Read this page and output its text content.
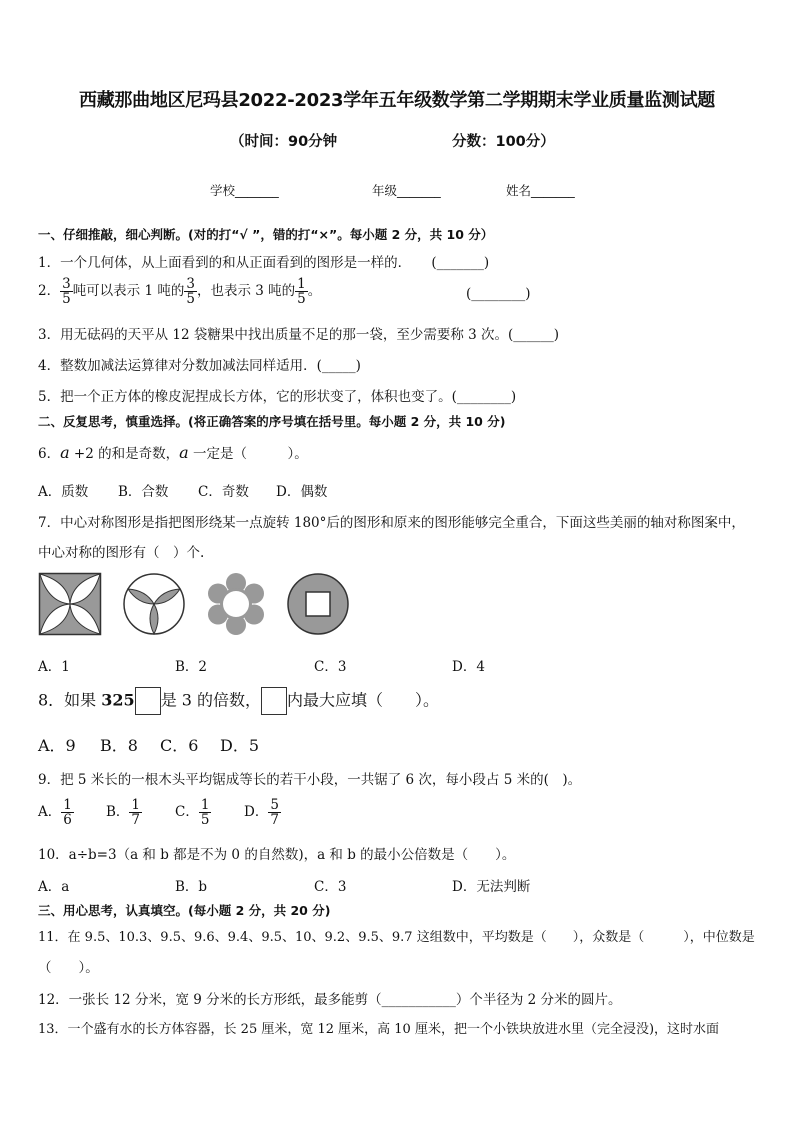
西藏那曲地区尼玛县2022-2023学年五年级数学第二学期期末学业质量监测试题
（时间：90分钟	分数：100分）
学校_______	年级_______	姓名_______
一、仔细推敲，细心判断。(对的打“√ ”，错的打“×”。每小题 2 分，共 10 分）
1．一个几何体，从上面看到的和从正面看到的图形是一样的．　　(_______)
2． $\frac{3}{5}$ 吨可以表示 1 吨的 $\frac{3}{5}$ ，也表示 3 吨的 $\frac{1}{5}$ 。	(________)
3．用无砝码的天平从 12 袋糖果中找出质量不足的那一袋，至少需要称 3 次。(______)
4．整数加减法运算律对分数加减法同样适用．(_____)
5．把一个正方体的橡皮泥捏成长方体，它的形状变了，体积也变了。(________)
二、反复思考，慎重选择。(将正确答案的序号填在括号里。每小题 2 分，共 10 分)
6．a +2 的和是奇数，a 一定是（　　　）。
A．质数 B．合数 C．奇数 D．偶数
7．中心对称图形是指把图形绕某一点旋转 180°后的图形和原来的图形能够完全重合，下面这些美丽的轴对称图案中，
中心对称的图形有（　）个.
A．1	B．2	C．3	D．4
8．如果 325 是 3 的倍数， 内最大应填（　　）。
A．9 B．8 C．6 D．5
9．把 5 米长的一根木头平均锯成等长的若干小段，一共锯了 6 次，每小段占 5 米的(　)。
A． $\frac{1}{6}$ B． $\frac{1}{7}$ C． $\frac{1}{5}$ D． $\frac{5}{7}$
10．a÷b=3（a 和 b 都是不为 0 的自然数)，a 和 b 的最小公倍数是（　　）。
A．a	B．b	C．3	D．无法判断
三、用心思考，认真填空。(每小题 2 分，共 20 分)
11．在 9.5、10.3、9.5、9.6、9.4、9.5、10、9.2、9.5、9.7 这组数中，平均数是（　　），众数是（　　　），中位数是
（　　）。
12．一张长 12 分米，宽 9 分米的长方形纸，最多能剪（___________）个半径为 2 分米的圆片。
13．一个盛有水的长方体容器，长 25 厘米，宽 12 厘米，高 10 厘米，把一个小铁块放进水里（完全浸没)，这时水面
